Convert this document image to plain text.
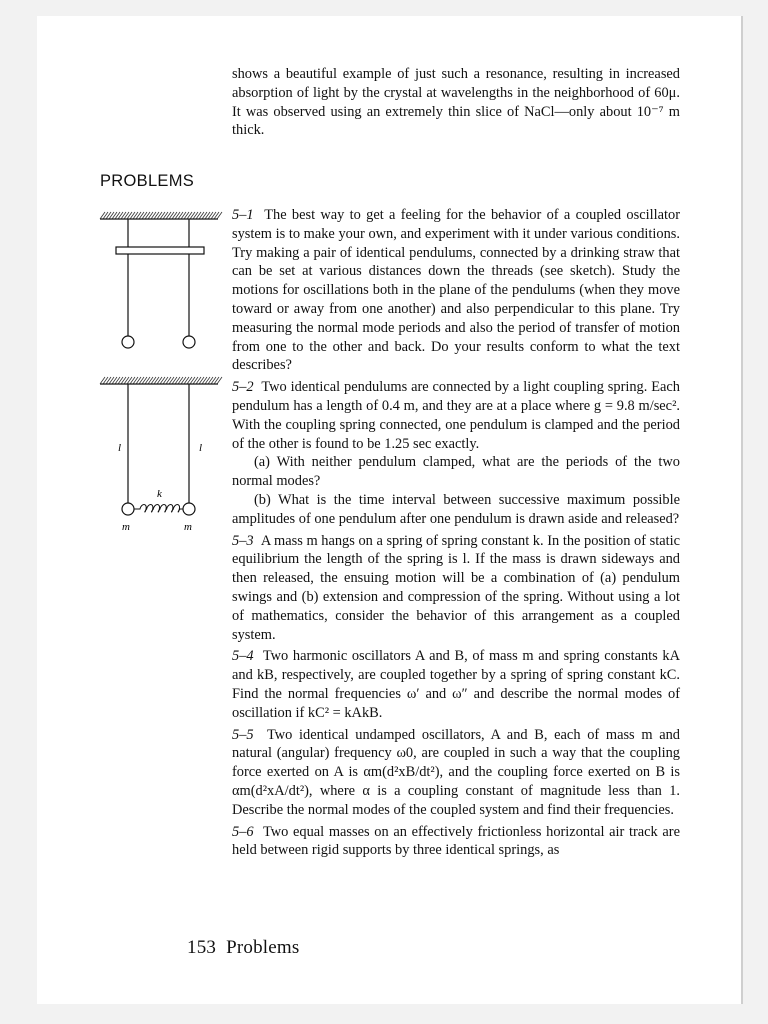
shows a beautiful example of just such a resonance, resulting in increased absorption of light by the crystal at wavelengths in the neighborhood of 60μ. It was observed using an extremely thin slice of NaCl—only about 10⁻⁷ m thick.

PROBLEMS
l	l
k
m	m

5–1 The best way to get a feeling for the behavior of a coupled oscillator system is to make your own, and experiment with it under various conditions. Try making a pair of identical pendulums, connected by a drinking straw that can be set at various distances down the threads (see sketch). Study the motions for oscillations both in the plane of the pendulums (when they move toward or away from one another) and also perpendicular to this plane. Try measuring the normal mode periods and also the period of transfer of motion from one to the other and back. Do your results conform to what the text describes?

5–2 Two identical pendulums are connected by a light coupling spring. Each pendulum has a length of 0.4 m, and they are at a place where g = 9.8 m/sec². With the coupling spring connected, one pendulum is clamped and the period of the other is found to be 1.25 sec exactly.

(a) With neither pendulum clamped, what are the periods of the two normal modes?

(b) What is the time interval between successive maximum possible amplitudes of one pendulum after one pendulum is drawn aside and released?

5–3 A mass m hangs on a spring of spring constant k. In the position of static equilibrium the length of the spring is l. If the mass is drawn sideways and then released, the ensuing motion will be a combination of (a) pendulum swings and (b) extension and compression of the spring. Without using a lot of mathematics, consider the behavior of this arrangement as a coupled system.

5–4 Two harmonic oscillators A and B, of mass m and spring constants kA and kB, respectively, are coupled together by a spring of spring constant kC. Find the normal frequencies ω′ and ω″ and describe the normal modes of oscillation if kC² = kAkB.

5–5 Two identical undamped oscillators, A and B, each of mass m and natural (angular) frequency ω0, are coupled in such a way that the coupling force exerted on A is αm(d²xB/dt²), and the coupling force exerted on B is αm(d²xA/dt²), where α is a coupling constant of magnitude less than 1. Describe the normal modes of the coupled system and find their frequencies.

5–6 Two equal masses on an effectively frictionless horizontal air track are held between rigid supports by three identical springs, as

153 Problems
